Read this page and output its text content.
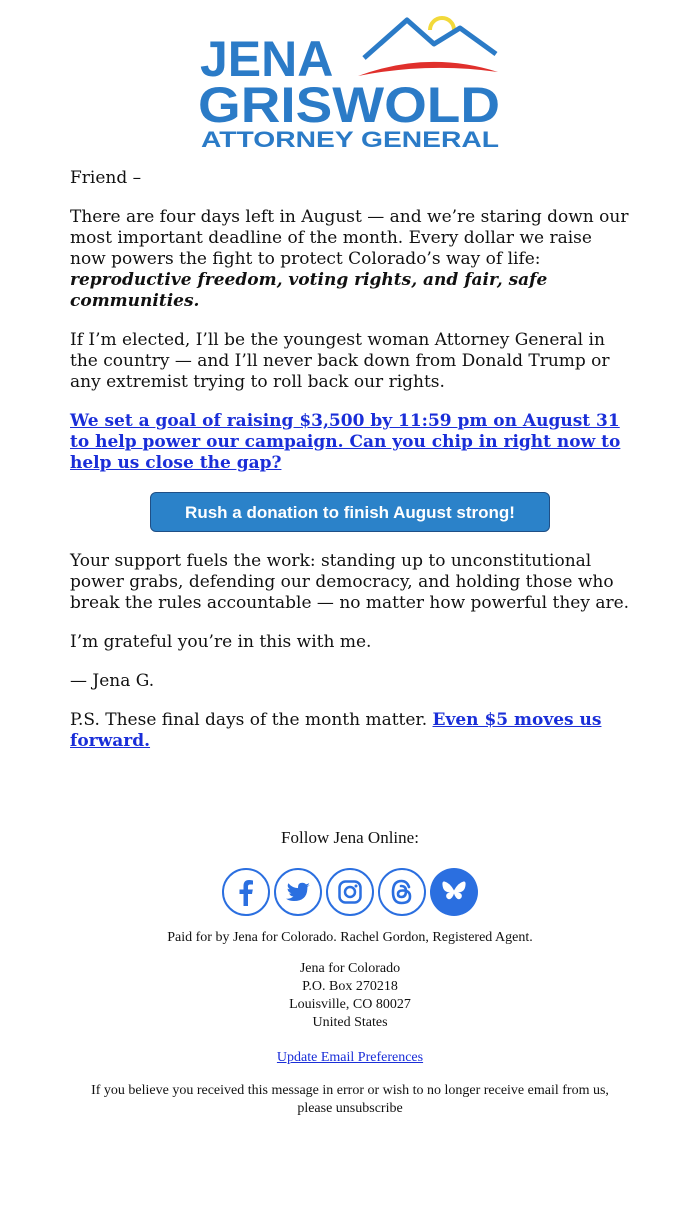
JENA
GRISWOLD
ATTORNEY GENERAL

Friend –

There are four days left in August — and we’re staring down our most important deadline of the month. Every dollar we raise now powers the fight to protect Colorado’s way of life: reproductive freedom, voting rights, and fair, safe communities.

If I’m elected, I’ll be the youngest woman Attorney General in the country — and I’ll never back down from Donald Trump or any extremist trying to roll back our rights.

We set a goal of raising $3,500 by 11:59 pm on August 31 to help power our campaign. Can you chip in right now to help us close the gap?

Rush a donation to finish August strong!

Your support fuels the work: standing up to unconstitutional power grabs, defending our democracy, and holding those who break the rules accountable — no matter how powerful they are.

I’m grateful you’re in this with me.

— Jena G.

P.S. These final days of the month matter. Even $5 moves us forward.

Follow Jena Online:

Paid for by Jena for Colorado. Rachel Gordon, Registered Agent.

Jena for Colorado
P.O. Box 270218
Louisville, CO 80027
United States
Update Email Preferences
If you believe you received this message in error or wish to no longer receive email from us, please unsubscribe
